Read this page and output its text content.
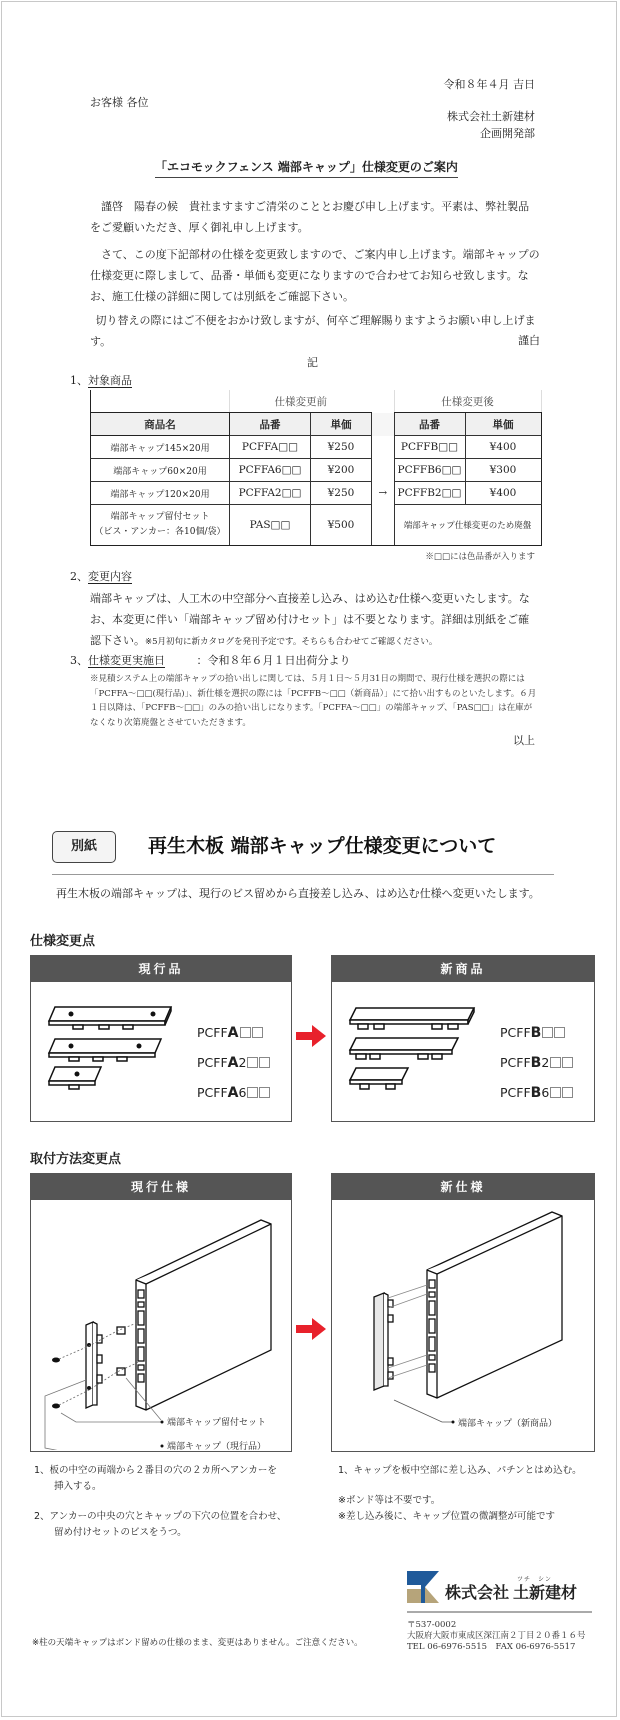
令和８年４月 吉日
お客様 各位
株式会社土新建材
企画開発部
「エコモックフェンス 端部キャップ」仕様変更のご案内
謹啓　陽春の候　貴社ますますご清栄のこととお慶び申し上げます。平素は、弊社製品をご愛顧いただき、厚く御礼申し上げます。
さて、この度下記部材の仕様を変更致しますので、ご案内申し上げます。端部キャップの仕様変更に際しまして、品番・単価も変更になりますので合わせてお知らせ致します。なお、施工仕様の詳細に関しては別紙をご確認下さい。
切り替えの際にはご不便をおかけ致しますが、何卒ご理解賜りますようお願い申し上げます。	謹白
記
1、対象商品
	仕様変更前			仕様変更後	
商品名	品番	単価		品番	単価
端部キャップ145×20用	PCFFA□□	¥250		PCFFB□□	¥400
端部キャップ60×20用	PCFFA6□□	¥200		PCFFB6□□	¥300
端部キャップ120×20用	PCFFA2□□	¥250	→	PCFFB2□□	¥400

端部キャップ留付セット
（ビス・アンカー：各10個/袋）	PAS□□	¥500		端部キャップ仕様変更のため廃盤	
※□□には色品番が入ります
2、変更内容
端部キャップは、人工木の中空部分へ直接差し込み、はめ込む仕様へ変更いたします。なお、本変更に伴い「端部キャップ留め付けセット」は不要となります。詳細は別紙をご確認下さい。※5月初旬に新カタログを発刊予定です。そちらも合わせてご確認ください。
3、仕様変更実施日	：令和８年６月１日出荷分より
※見積システム上の端部キャップの拾い出しに関しては、５月１日〜５月31日の期間で、現行仕様を選択の際には「PCFFA～□□(現行品)」、新仕様を選択の際には「PCFFB～□□（新商品）」にて拾い出すものといたします。６月１日以降は、「PCFFB～□□」のみの拾い出しになります。「PCFFA～□□」の端部キャップ、「PAS□□」は在庫がなくなり次第廃盤とさせていただきます。
以上
別紙	再生木板 端部キャップ仕様変更について
再生木板の端部キャップは、現行のビス留めから直接差し込み、はめ込む仕様へ変更いたします。
仕様変更点
現行品
PCFFA
PCFFA2
PCFFA6
新商品
PCFFB
PCFFB2
PCFFB6
取付方法変更点
現行仕様
端部キャップ留付セット
端部キャップ（現行品）
新仕様
端部キャップ（新商品）
1、板の中空の両端から２番目の穴の２カ所へアンカーを
挿入する。
2、アンカーの中央の穴とキャップの下穴の位置を合わせ、
留め付けセットのビスをうつ。
1、キャップを板中空部に差し込み、パチンとはめ込む。
※ボンド等は不要です。
※差し込み後に、キャップ位置の微調整が可能です
株式会社
ツチ　シン
土新建材
〒537-0002
大阪府大阪市東成区深江南２丁目２０番１６号
TEL 06-6976-5515　FAX 06-6976-5517
※柱の天端キャップはボンド留めの仕様のまま、変更はありません。ご注意ください。
